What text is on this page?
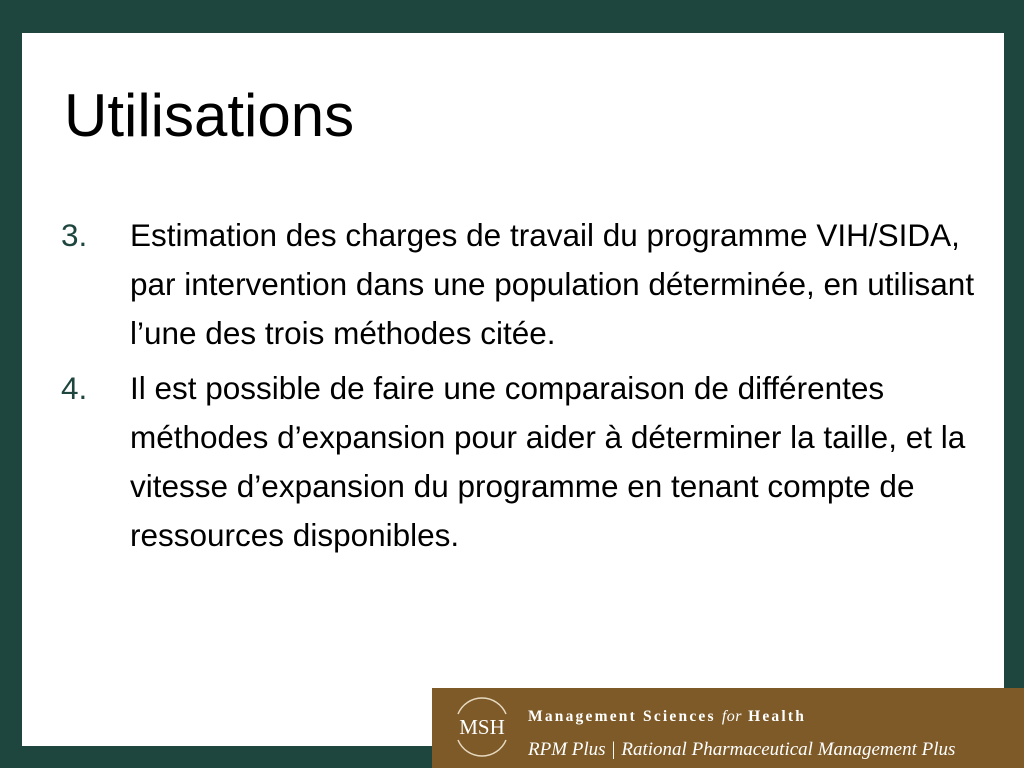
Utilisations
3. Estimation des charges de travail du programme VIH/SIDA, par intervention dans une population déterminée, en utilisant l’une des trois méthodes citée.
4. Il est possible de faire une comparaison de différentes méthodes d’expansion pour aider à déterminer la taille, et la vitesse d’expansion du programme en tenant compte de ressources disponibles.
MSH Management Sciences for Health
RPM Plus | Rational Pharmaceutical Management Plus
